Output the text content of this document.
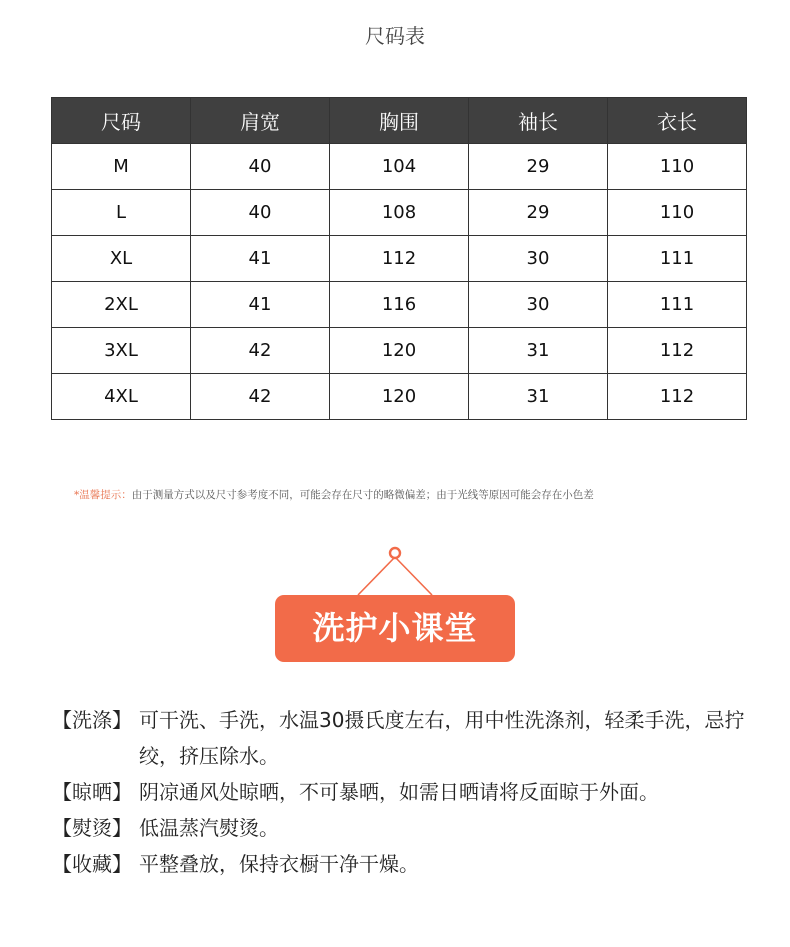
尺码表
尺码	肩宽	胸围	袖长	衣长
M	40	104	29	110
L	40	108	29	110
XL	41	112	30	111
2XL	41	116	30	111
3XL	42	120	31	112
4XL	42	120	31	112
*温馨提示：由于测量方式以及尺寸参考度不同，可能会存在尺寸的略微偏差；由于光线等原因可能会存在小色差
洗护小课堂
【洗涤】 可干洗、手洗，水温30摄氏度左右，用中性洗涤剂，轻柔手洗，忌拧绞，挤压除水。
【晾晒】 阴凉通风处晾晒，不可暴晒，如需日晒请将反面晾于外面。
【熨烫】 低温蒸汽熨烫。
【收藏】 平整叠放，保持衣橱干净干燥。
